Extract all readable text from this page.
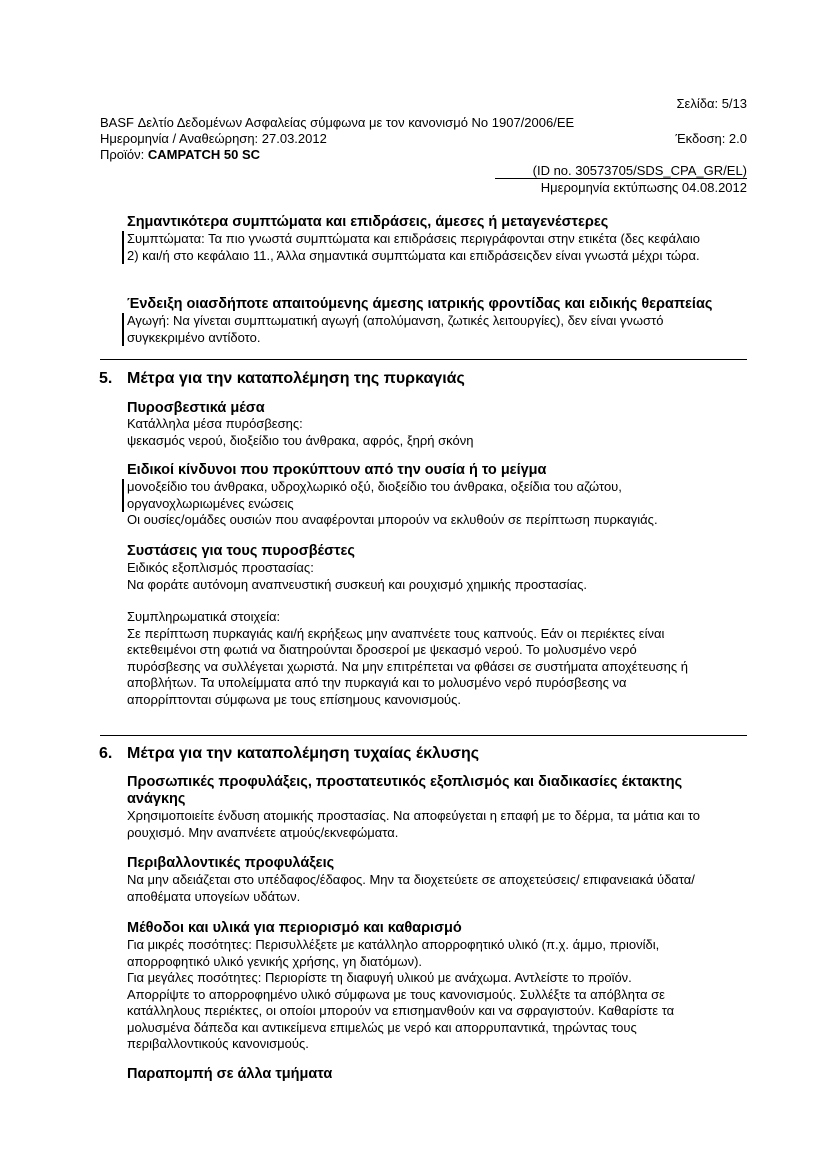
Σελίδα: 5/13
BASF Δελτίο Δεδομένων Ασφαλείας σύμφωνα με τον κανονισμό Νο 1907/2006/ΕΕ
Ημερομηνία / Αναθεώρηση: 27.03.2012	Έκδοση: 2.0
Προϊόν: CAMPATCH 50 SC
(ID no. 30573705/SDS_CPA_GR/EL)
Ημερομηνία εκτύπωσης 04.08.2012
Σημαντικότερα συμπτώματα και επιδράσεις, άμεσες ή μεταγενέστερες
Συμπτώματα: Τα πιο γνωστά συμπτώματα και επιδράσεις περιγράφονται στην ετικέτα (δες κεφάλαιο
2) και/ή στο κεφάλαιο 11., Άλλα σημαντικά συμπτώματα και επιδράσειςδεν είναι γνωστά μέχρι τώρα.
Ένδειξη οιασδήποτε απαιτούμενης άμεσης ιατρικής φροντίδας και ειδικής θεραπείας
Αγωγή: Να γίνεται συμπτωματική αγωγή (απολύμανση, ζωτικές λειτουργίες), δεν είναι γνωστό
συγκεκριμένο αντίδοτο.
5. Μέτρα για την καταπολέμηση της πυρκαγιάς
Πυροσβεστικά μέσα
Κατάλληλα μέσα πυρόσβεσης:
ψεκασμός νερού, διοξείδιο του άνθρακα, αφρός, ξηρή σκόνη
Ειδικοί κίνδυνοι που προκύπτουν από την ουσία ή το μείγμα
μονοξείδιο του άνθρακα, υδροχλωρικό οξύ, διοξείδιο του άνθρακα, οξείδια του αζώτου,
οργανοχλωριωμένες ενώσεις
Οι ουσίες/ομάδες ουσιών που αναφέρονται μπορούν να εκλυθούν σε περίπτωση πυρκαγιάς.
Συστάσεις για τους πυροσβέστες
Ειδικός εξοπλισμός προστασίας:
Να φοράτε αυτόνομη αναπνευστική συσκευή και ρουχισμό χημικής προστασίας.
Συμπληρωματικά στοιχεία:
Σε περίπτωση πυρκαγιάς και/ή εκρήξεως μην αναπνέετε τους καπνούς. Εάν οι περιέκτες είναι
εκτεθειμένοι στη φωτιά να διατηρούνται δροσεροί με ψεκασμό νερού. Το μολυσμένο νερό
πυρόσβεσης να συλλέγεται χωριστά. Να μην επιτρέπεται να φθάσει σε συστήματα αποχέτευσης ή
αποβλήτων. Τα υπολείμματα από την πυρκαγιά και το μολυσμένο νερό πυρόσβεσης να
απορρίπτονται σύμφωνα με τους επίσημους κανονισμούς.
6. Μέτρα για την καταπολέμηση τυχαίας έκλυσης
Προσωπικές προφυλάξεις, προστατευτικός εξοπλισμός και διαδικασίες έκτακτης
ανάγκης
Χρησιμοποιείτε ένδυση ατομικής προστασίας. Να αποφεύγεται η επαφή με το δέρμα, τα μάτια και το
ρουχισμό. Μην αναπνέετε ατμούς/εκνεφώματα.
Περιβαλλοντικές προφυλάξεις
Να μην αδειάζεται στο υπέδαφος/έδαφος. Μην τα διοχετεύετε σε αποχετεύσεις/ επιφανειακά ύδατα/
αποθέματα υπογείων υδάτων.
Μέθοδοι και υλικά για περιορισμό και καθαρισμό
Για μικρές ποσότητες: Περισυλλέξετε με κατάλληλο απορροφητικό υλικό (π.χ. άμμο, πριονίδι,
απορροφητικό υλικό γενικής χρήσης, γη διατόμων).
Για μεγάλες ποσότητες: Περιορίστε τη διαφυγή υλικού με ανάχωμα. Αντλείστε το προϊόν.
Απορρίψτε το απορροφημένο υλικό σύμφωνα με τους κανονισμούς. Συλλέξτε τα απόβλητα σε
κατάλληλους περιέκτες, οι οποίοι μπορούν να επισημανθούν και να σφραγιστούν. Καθαρίστε τα
μολυσμένα δάπεδα και αντικείμενα επιμελώς με νερό και απορρυπαντικά, τηρώντας τους
περιβαλλοντικούς κανονισμούς.
Παραπομπή σε άλλα τμήματα
